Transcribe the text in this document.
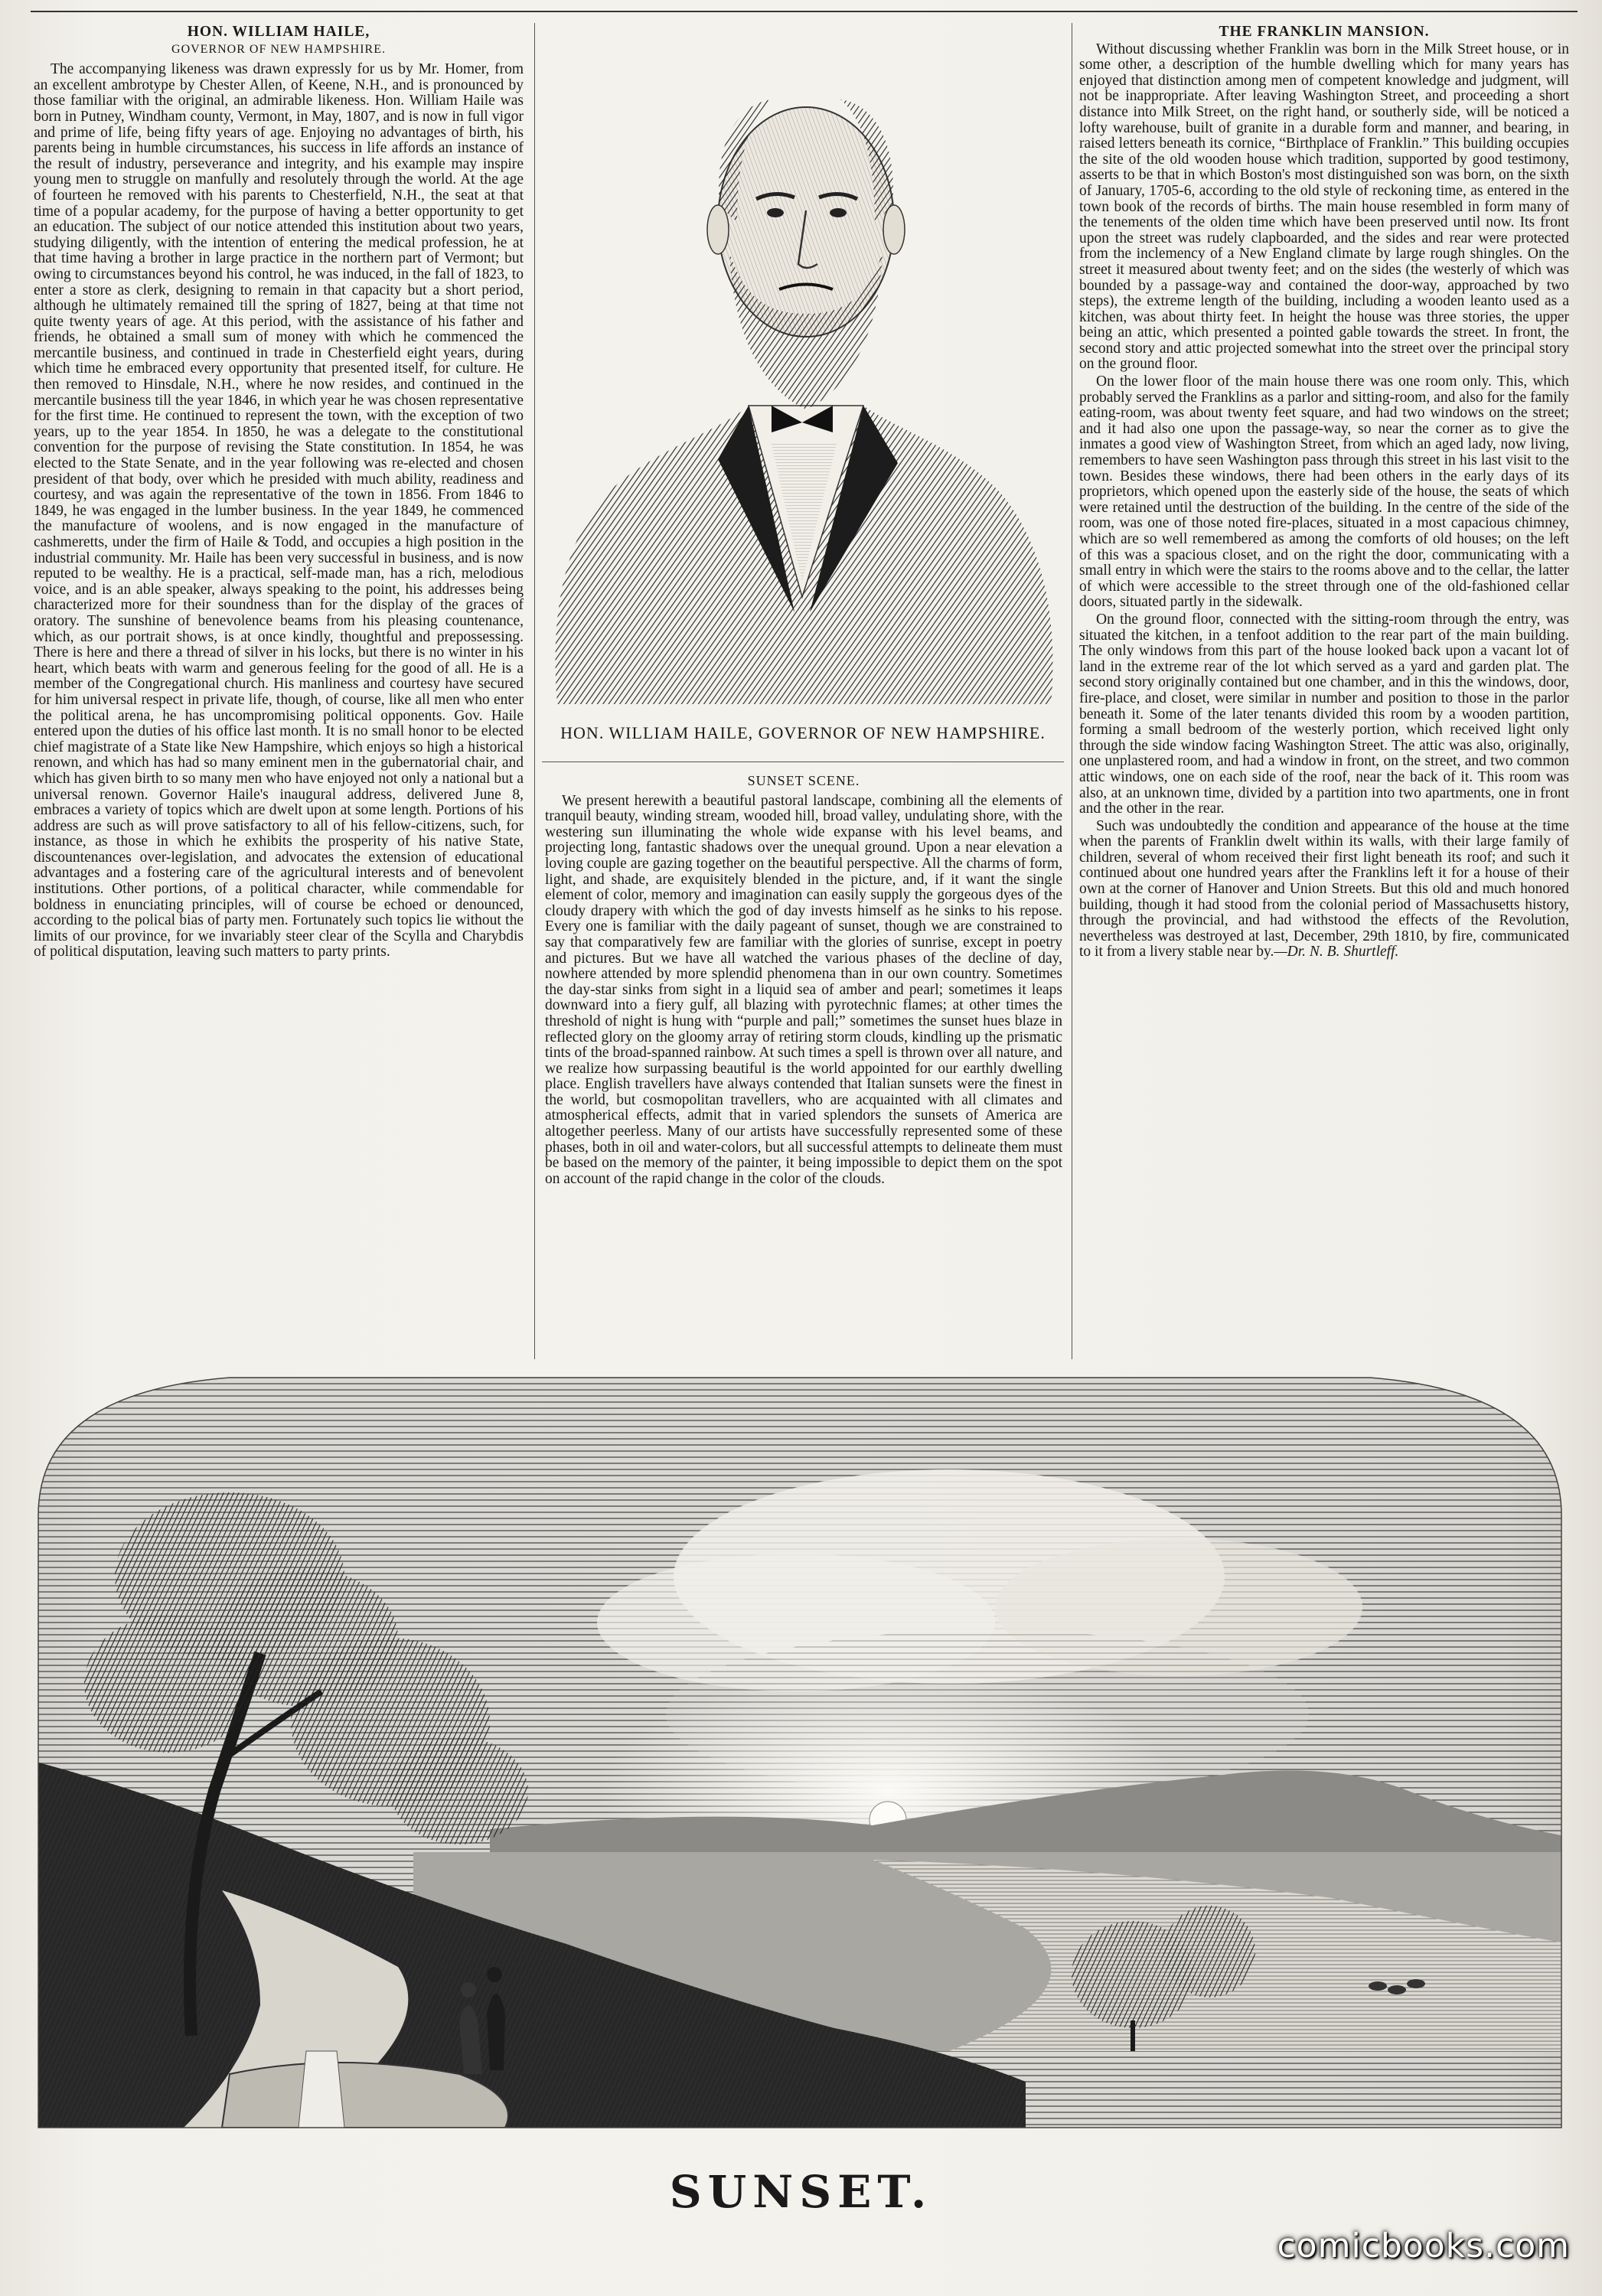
HON. WILLIAM HAILE,

GOVERNOR OF NEW HAMPSHIRE.

The accompanying likeness was drawn expressly for us by Mr. Homer, from an excellent ambrotype by Chester Allen, of Keene, N.H., and is pronounced by those familiar with the original, an admirable likeness. Hon. William Haile was born in Putney, Windham county, Vermont, in May, 1807, and is now in full vigor and prime of life, being fifty years of age. Enjoying no advantages of birth, his parents being in humble circumstances, his success in life affords an instance of the result of industry, perseverance and integrity, and his example may inspire young men to struggle on manfully and resolutely through the world. At the age of fourteen he removed with his parents to Chesterfield, N.H., the seat at that time of a popular academy, for the purpose of having a better opportunity to get an education. The subject of our notice attended this institution about two years, studying diligently, with the intention of entering the medical profession, he at that time having a brother in large practice in the northern part of Vermont; but owing to circumstances beyond his control, he was induced, in the fall of 1823, to enter a store as clerk, designing to remain in that capacity but a short period, although he ultimately remained till the spring of 1827, being at that time not quite twenty years of age. At this period, with the assistance of his father and friends, he obtained a small sum of money with which he commenced the mercantile business, and continued in trade in Chesterfield eight years, during which time he embraced every opportunity that presented itself, for culture. He then removed to Hinsdale, N.H., where he now resides, and continued in the mercantile business till the year 1846, in which year he was chosen representative for the first time. He continued to represent the town, with the exception of two years, up to the year 1854. In 1850, he was a delegate to the constitutional convention for the purpose of revising the State constitution. In 1854, he was elected to the State Senate, and in the year following was re-elected and chosen president of that body, over which he presided with much ability, readiness and courtesy, and was again the representative of the town in 1856. From 1846 to 1849, he was engaged in the lumber business. In the year 1849, he commenced the manufacture of woolens, and is now engaged in the manufacture of cashmeretts, under the firm of Haile & Todd, and occupies a high position in the industrial community. Mr. Haile has been very successful in business, and is now reputed to be wealthy. He is a practical, self-made man, has a rich, melodious voice, and is an able speaker, always speaking to the point, his addresses being characterized more for their soundness than for the display of the graces of oratory. The sunshine of benevolence beams from his pleasing countenance, which, as our portrait shows, is at once kindly, thoughtful and prepossessing. There is here and there a thread of silver in his locks, but there is no winter in his heart, which beats with warm and generous feeling for the good of all. He is a member of the Congregational church. His manliness and courtesy have secured for him universal respect in private life, though, of course, like all men who enter the political arena, he has uncompromising political opponents. Gov. Haile entered upon the duties of his office last month. It is no small honor to be elected chief magistrate of a State like New Hampshire, which enjoys so high a historical renown, and which has had so many eminent men in the gubernatorial chair, and which has given birth to so many men who have enjoyed not only a national but a universal renown. Governor Haile's inaugural address, delivered June 8, embraces a variety of topics which are dwelt upon at some length. Portions of his address are such as will prove satisfactory to all of his fellow-citizens, such, for instance, as those in which he exhibits the prosperity of his native State, discountenances over-legislation, and advocates the extension of educational advantages and a fostering care of the agricultural interests and of benevolent institutions. Other portions, of a political character, while commendable for boldness in enunciating principles, will of course be echoed or denounced, according to the polical bias of party men. Fortunately such topics lie without the limits of our province, for we invariably steer clear of the Scylla and Charybdis of political disputation, leaving such matters to party prints.

HON. WILLIAM HAILE, GOVERNOR OF NEW HAMPSHIRE.

SUNSET SCENE.

We present herewith a beautiful pastoral landscape, combining all the elements of tranquil beauty, winding stream, wooded hill, broad valley, undulating shore, with the westering sun illuminating the whole wide expanse with his level beams, and projecting long, fantastic shadows over the unequal ground. Upon a near elevation a loving couple are gazing together on the beautiful perspective. All the charms of form, light, and shade, are exquisitely blended in the picture, and, if it want the single element of color, memory and imagination can easily supply the gorgeous dyes of the cloudy drapery with which the god of day invests himself as he sinks to his repose. Every one is familiar with the daily pageant of sunset, though we are constrained to say that comparatively few are familiar with the glories of sunrise, except in poetry and pictures. But we have all watched the various phases of the decline of day, nowhere attended by more splendid phenomena than in our own country. Sometimes the day-star sinks from sight in a liquid sea of amber and pearl; sometimes it leaps downward into a fiery gulf, all blazing with pyrotechnic flames; at other times the threshold of night is hung with “purple and pall;” sometimes the sunset hues blaze in reflected glory on the gloomy array of retiring storm clouds, kindling up the prismatic tints of the broad-spanned rainbow. At such times a spell is thrown over all nature, and we realize how surpassing beautiful is the world appointed for our earthly dwelling place. English travellers have always contended that Italian sunsets were the finest in the world, but cosmopolitan travellers, who are acquainted with all climates and atmospherical effects, admit that in varied splendors the sunsets of America are altogether peerless. Many of our artists have successfully represented some of these phases, both in oil and water-colors, but all successful attempts to delineate them must be based on the memory of the painter, it being impossible to depict them on the spot on account of the rapid change in the color of the clouds.

THE FRANKLIN MANSION.

Without discussing whether Franklin was born in the Milk Street house, or in some other, a description of the humble dwelling which for many years has enjoyed that distinction among men of competent knowledge and judgment, will not be inappropriate. After leaving Washington Street, and proceeding a short distance into Milk Street, on the right hand, or southerly side, will be noticed a lofty warehouse, built of granite in a durable form and manner, and bearing, in raised letters beneath its cornice, “Birthplace of Franklin.” This building occupies the site of the old wooden house which tradition, supported by good testimony, asserts to be that in which Boston's most distinguished son was born, on the sixth of January, 1705-6, according to the old style of reckoning time, as entered in the town book of the records of births. The main house resembled in form many of the tenements of the olden time which have been preserved until now. Its front upon the street was rudely clapboarded, and the sides and rear were protected from the inclemency of a New England climate by large rough shingles. On the street it measured about twenty feet; and on the sides (the westerly of which was bounded by a passage-way and contained the door-way, approached by two steps), the extreme length of the building, including a wooden leanto used as a kitchen, was about thirty feet. In height the house was three stories, the upper being an attic, which presented a pointed gable towards the street. In front, the second story and attic projected somewhat into the street over the principal story on the ground floor.

On the lower floor of the main house there was one room only. This, which probably served the Franklins as a parlor and sitting-room, and also for the family eating-room, was about twenty feet square, and had two windows on the street; and it had also one upon the passage-way, so near the corner as to give the inmates a good view of Washington Street, from which an aged lady, now living, remembers to have seen Washington pass through this street in his last visit to the town. Besides these windows, there had been others in the early days of its proprietors, which opened upon the easterly side of the house, the seats of which were retained until the destruction of the building. In the centre of the side of the room, was one of those noted fire-places, situated in a most capacious chimney, which are so well remembered as among the comforts of old houses; on the left of this was a spacious closet, and on the right the door, communicating with a small entry in which were the stairs to the rooms above and to the cellar, the latter of which were accessible to the street through one of the old-fashioned cellar doors, situated partly in the sidewalk.

On the ground floor, connected with the sitting-room through the entry, was situated the kitchen, in a tenfoot addition to the rear part of the main building. The only windows from this part of the house looked back upon a vacant lot of land in the extreme rear of the lot which served as a yard and garden plat. The second story originally contained but one chamber, and in this the windows, door, fire-place, and closet, were similar in number and position to those in the parlor beneath it. Some of the later tenants divided this room by a wooden partition, forming a small bedroom of the westerly portion, which received light only through the side window facing Washington Street. The attic was also, originally, one unplastered room, and had a window in front, on the street, and two common attic windows, one on each side of the roof, near the back of it. This room was also, at an unknown time, divided by a partition into two apartments, one in front and the other in the rear.

Such was undoubtedly the condition and appearance of the house at the time when the parents of Franklin dwelt within its walls, with their large family of children, several of whom received their first light beneath its roof; and such it continued about one hundred years after the Franklins left it for a house of their own at the corner of Hanover and Union Streets. But this old and much honored building, though it had stood from the colonial period of Massachusetts history, through the provincial, and had withstood the effects of the Revolution, nevertheless was destroyed at last, December, 29th 1810, by fire, communicated to it from a livery stable near by.—Dr. N. B. Shurtleff.

SUNSET.
comicbooks.com
